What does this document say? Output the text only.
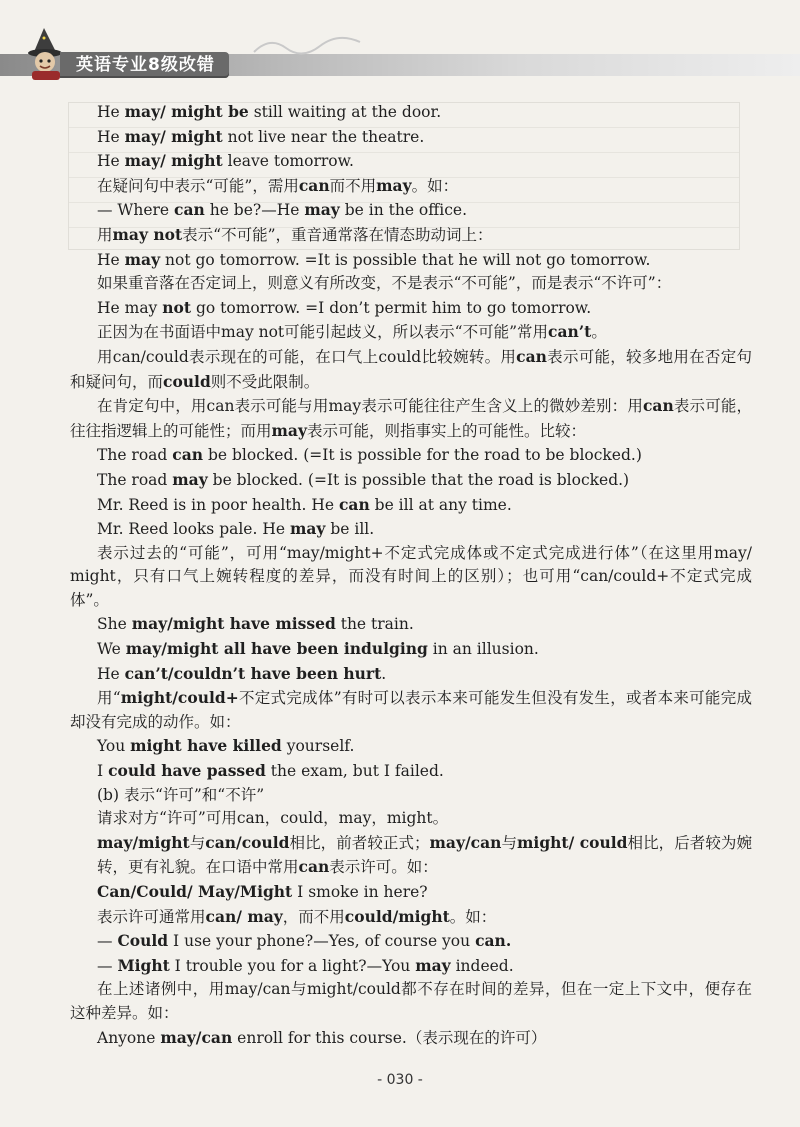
英语专业8级改错
He may/ might be still waiting at the door.
He may/ might not live near the theatre.
He may/ might leave tomorrow.
在疑问句中表示“可能”，需用can而不用may。如：
— Where can he be?—He may be in the office.
用may not表示“不可能”，重音通常落在情态助动词上：
He may not go tomorrow. =It is possible that he will not go tomorrow.
如果重音落在否定词上，则意义有所改变，不是表示“不可能”，而是表示“不许可”：
He may not go tomorrow. =I don’t permit him to go tomorrow.
正因为在书面语中may not可能引起歧义，所以表示“不可能”常用can’t。
用can/could表示现在的可能，在口气上could比较婉转。用can表示可能，较多地用在否定句和疑问句，而could则不受此限制。
在肯定句中，用can表示可能与用may表示可能往往产生含义上的微妙差别：用can表示可能，往往指逻辑上的可能性；而用may表示可能，则指事实上的可能性。比较：
The road can be blocked. (=It is possible for the road to be blocked.)
The road may be blocked. (=It is possible that the road is blocked.)
Mr. Reed is in poor health. He can be ill at any time.
Mr. Reed looks pale. He may be ill.
表示过去的“可能”，可用“may/might+不定式完成体或不定式完成进行体”（在这里用may/ might，只有口气上婉转程度的差异，而没有时间上的区别）；也可用“can/could+不定式完成体”。
She may/might have missed the train.
We may/might all have been indulging in an illusion.
He can’t/couldn’t have been hurt.
用“might/could+不定式完成体”有时可以表示本来可能发生但没有发生，或者本来可能完成却没有完成的动作。如：
You might have killed yourself.
I could have passed the exam, but I failed.
(b) 表示“许可”和“不许”
请求对方“许可”可用can，could，may，might。
may/might与can/could相比，前者较正式；may/can与might/ could相比，后者较为婉转，更有礼貌。在口语中常用can表示许可。如：
Can/Could/ May/Might I smoke in here?
表示许可通常用can/ may，而不用could/might。如：
— Could I use your phone?—Yes, of course you can.
— Might I trouble you for a light?—You may indeed.
在上述诸例中，用may/can与might/could都不存在时间的差异，但在一定上下文中，便存在这种差异。如：
Anyone may/can enroll for this course.（表示现在的许可）
- 030 -
